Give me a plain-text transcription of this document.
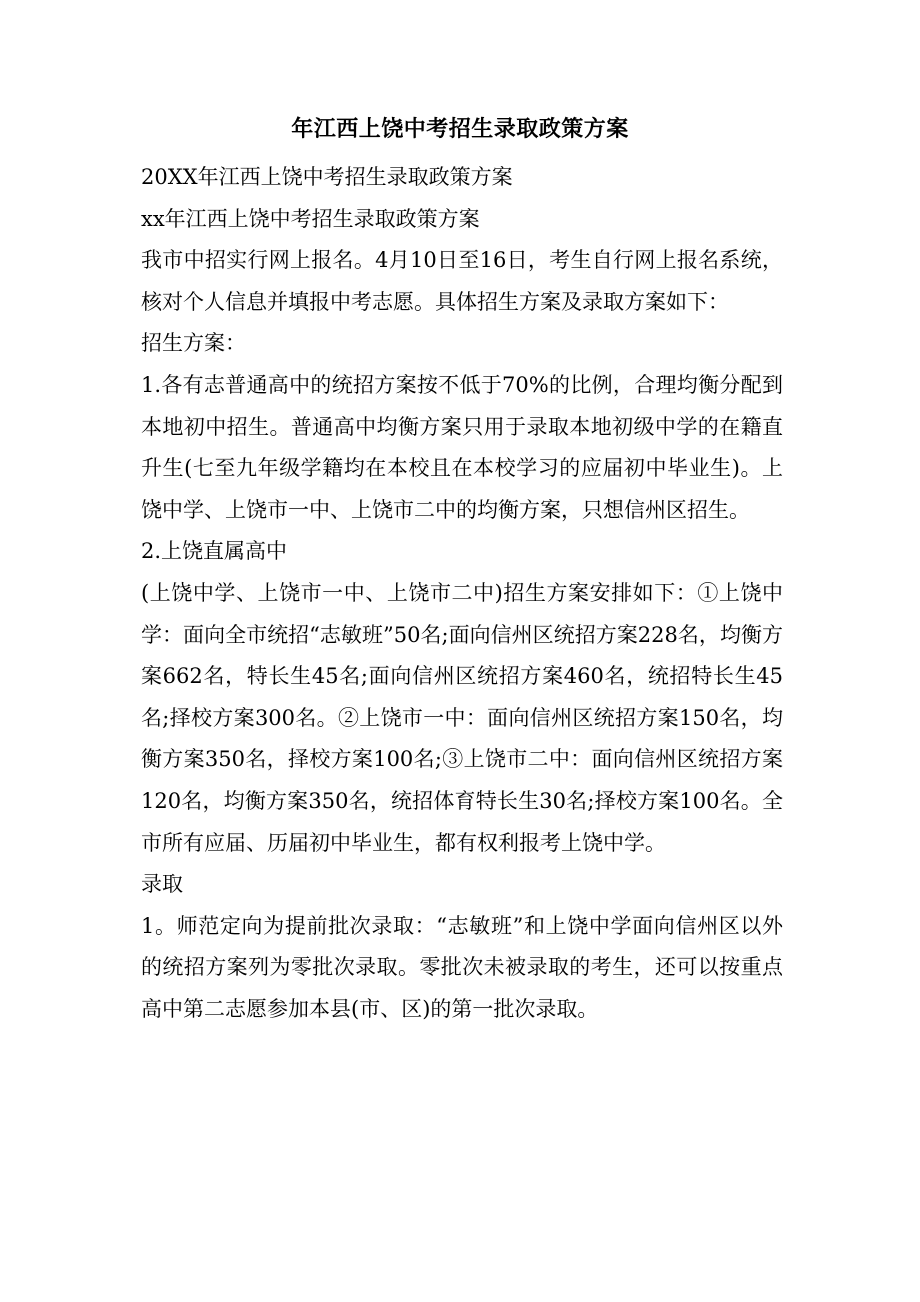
年江西上饶中考招生录取政策方案

20XX年江西上饶中考招生录取政策方案

xx年江西上饶中考招生录取政策方案

我市中招实行网上报名。4月10日至16日，考生自行网上报名系统，核对个人信息并填报中考志愿。具体招生方案及录取方案如下：

招生方案：

1.各有志普通高中的统招方案按不低于70%的比例，合理均衡分配到本地初中招生。普通高中均衡方案只用于录取本地初级中学的在籍直升生(七至九年级学籍均在本校且在本校学习的应届初中毕业生)。上饶中学、上饶市一中、上饶市二中的均衡方案，只想信州区招生。

2.上饶直属高中

(上饶中学、上饶市一中、上饶市二中)招生方案安排如下：①上饶中学：面向全市统招“志敏班”50名;面向信州区统招方案228名，均衡方案662名，特长生45名;面向信州区统招方案460名，统招特长生45名;择校方案300名。②上饶市一中：面向信州区统招方案150名，均衡方案350名，择校方案100名;③上饶市二中：面向信州区统招方案120名，均衡方案350名，统招体育特长生30名;择校方案100名。全市所有应届、历届初中毕业生，都有权利报考上饶中学。

录取

1。师范定向为提前批次录取：“志敏班”和上饶中学面向信州区以外的统招方案列为零批次录取。零批次未被录取的考生，还可以按重点高中第二志愿参加本县(市、区)的第一批次录取。
